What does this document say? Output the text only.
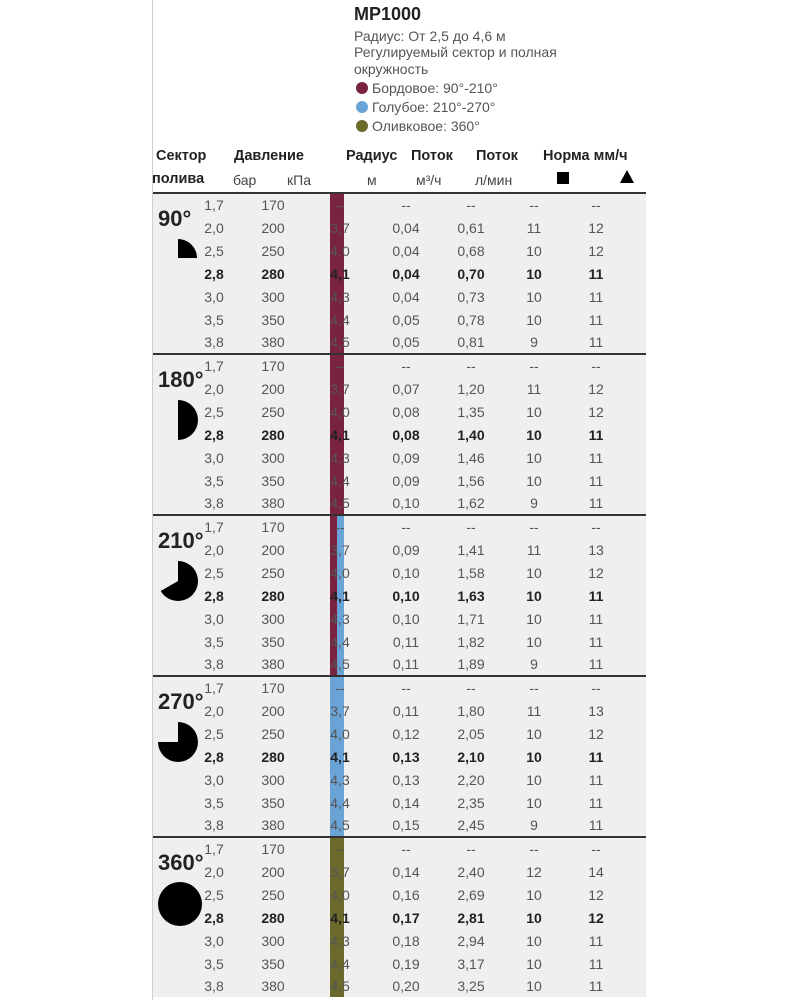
MP1000
Радиус: От 2,5 до 4,6 м
Регулируемый сектор и полная
окружность
Бордовое: 90°-210°
Голубое: 210°-270°
Оливковое: 360°
Сектор
полива
Давление
бар кПа
Радиус
м
Поток
м³/ч
Поток
л/мин
Норма мм/ч
90°
1,7	170	--	--	--	--	--
2,0	200	3,7	0,04	0,61	11	12
2,5	250	4,0	0,04	0,68	10	12
2,8	280	4,1	0,04	0,70	10	11
3,0	300	4,3	0,04	0,73	10	11
3,5	350	4,4	0,05	0,78	10	11
3,8	380	4,5	0,05	0,81	9	11
180°
1,7	170	--	--	--	--	--
2,0	200	3,7	0,07	1,20	11	12
2,5	250	4,0	0,08	1,35	10	12
2,8	280	4,1	0,08	1,40	10	11
3,0	300	4,3	0,09	1,46	10	11
3,5	350	4,4	0,09	1,56	10	11
3,8	380	4,5	0,10	1,62	9	11
210°
1,7	170	--	--	--	--	--
2,0	200	3,7	0,09	1,41	11	13
2,5	250	4,0	0,10	1,58	10	12
2,8	280	4,1	0,10	1,63	10	11
3,0	300	4,3	0,10	1,71	10	11
3,5	350	4,4	0,11	1,82	10	11
3,8	380	4,5	0,11	1,89	9	11
270°
1,7	170	--	--	--	--	--
2,0	200	3,7	0,11	1,80	11	13
2,5	250	4,0	0,12	2,05	10	12
2,8	280	4,1	0,13	2,10	10	11
3,0	300	4,3	0,13	2,20	10	11
3,5	350	4,4	0,14	2,35	10	11
3,8	380	4,5	0,15	2,45	9	11
360°
1,7	170	--	--	--	--	--
2,0	200	3,7	0,14	2,40	12	14
2,5	250	4,0	0,16	2,69	10	12
2,8	280	4,1	0,17	2,81	10	12
3,0	300	4,3	0,18	2,94	10	11
3,5	350	4,4	0,19	3,17	10	11
3,8	380	4,5	0,20	3,25	10	11
